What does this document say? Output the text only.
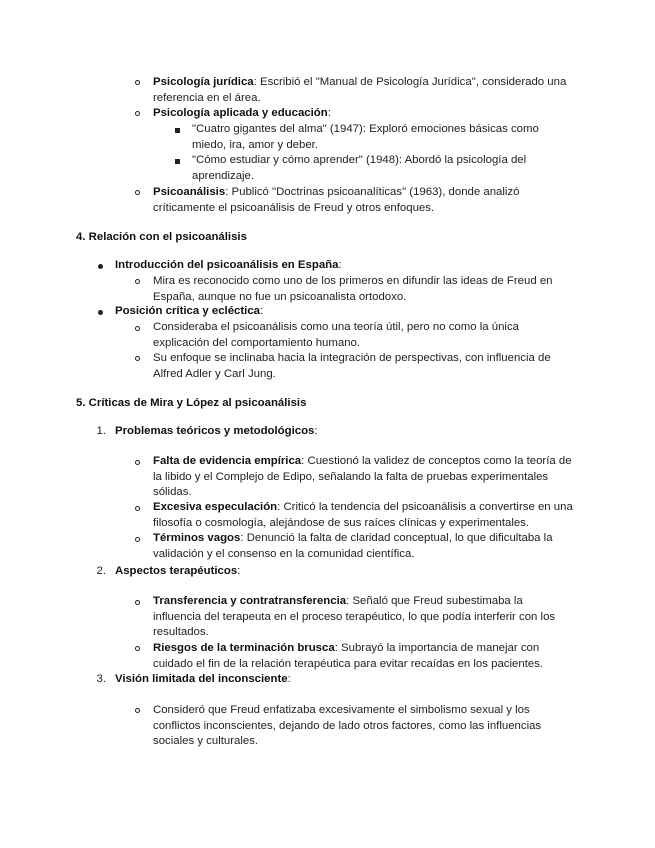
Psicología jurídica: Escribió el "Manual de Psicología Jurídica", considerado una referencia en el área.
Psicología aplicada y educación:
"Cuatro gigantes del alma" (1947): Exploró emociones básicas como miedo, ira, amor y deber.
"Cómo estudiar y cómo aprender" (1948): Abordó la psicología del aprendizaje.
Psicoanálisis: Publicó "Doctrinas psicoanalíticas" (1963), donde analizó críticamente el psicoanálisis de Freud y otros enfoques.
4. Relación con el psicoanálisis
Introducción del psicoanálisis en España:
Mira es reconocido como uno de los primeros en difundir las ideas de Freud en España, aunque no fue un psicoanalista ortodoxo.
Posición crítica y ecléctica:
Consideraba el psicoanálisis como una teoría útil, pero no como la única explicación del comportamiento humano.
Su enfoque se inclinaba hacia la integración de perspectivas, con influencia de Alfred Adler y Carl Jung.
5. Críticas de Mira y López al psicoanálisis
1. Problemas teóricos y metodológicos:
Falta de evidencia empírica: Cuestionó la validez de conceptos como la teoría de la libido y el Complejo de Edipo, señalando la falta de pruebas experimentales sólidas.
Excesiva especulación: Criticó la tendencia del psicoanálisis a convertirse en una filosofía o cosmología, alejándose de sus raíces clínicas y experimentales.
Términos vagos: Denunció la falta de claridad conceptual, lo que dificultaba la validación y el consenso en la comunidad científica.
2. Aspectos terapéuticos:
Transferencia y contratransferencia: Señaló que Freud subestimaba la influencia del terapeuta en el proceso terapéutico, lo que podía interferir con los resultados.
Riesgos de la terminación brusca: Subrayó la importancia de manejar con cuidado el fin de la relación terapéutica para evitar recaídas en los pacientes.
3. Visión limitada del inconsciente:
Consideró que Freud enfatizaba excesivamente el simbolismo sexual y los conflictos inconscientes, dejando de lado otros factores, como las influencias sociales y culturales.
